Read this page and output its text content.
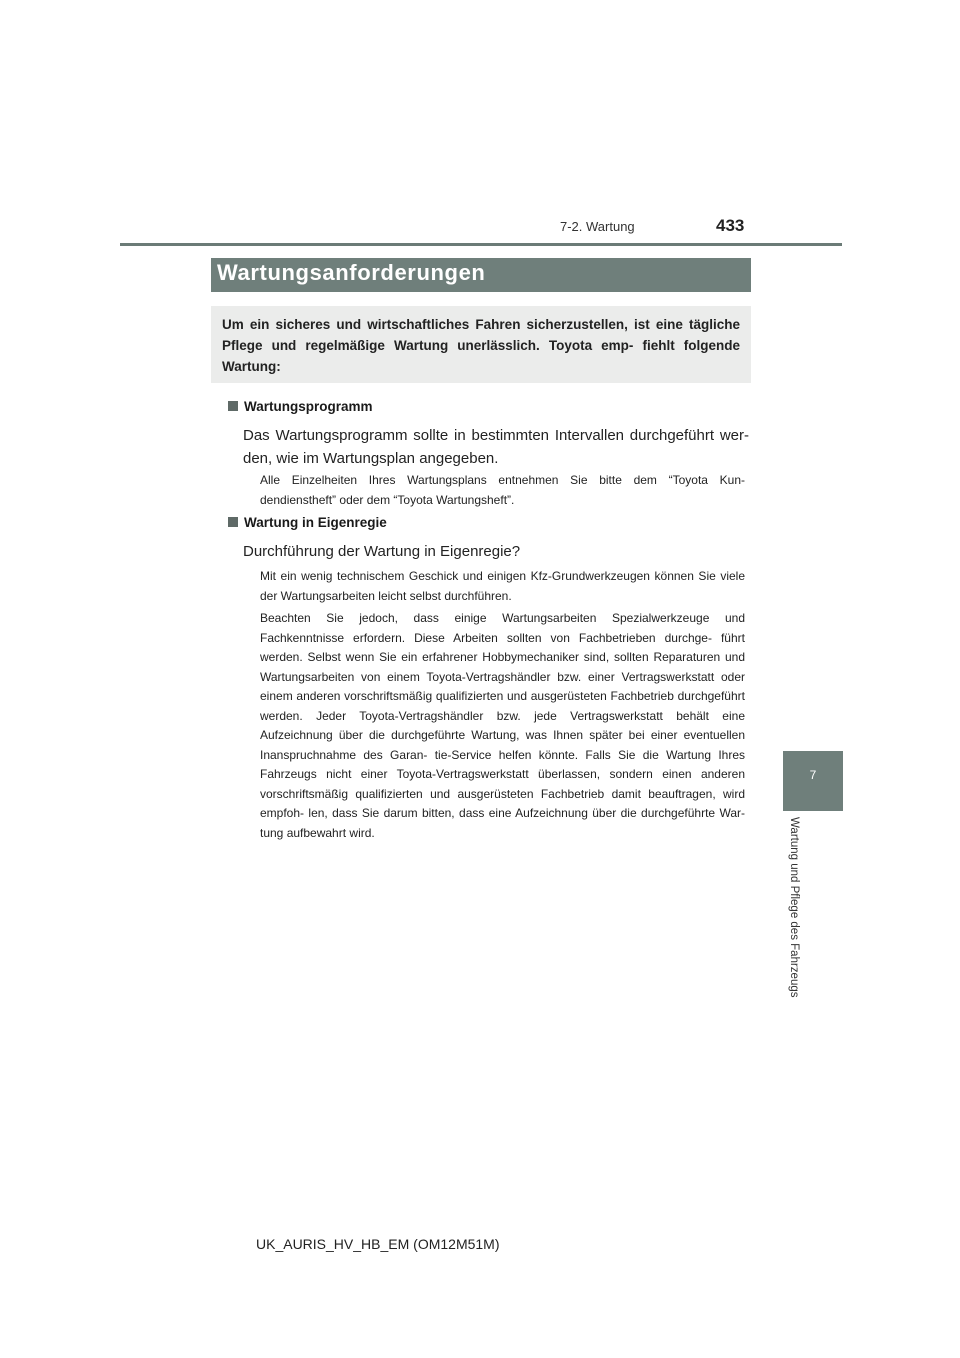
7-2. Wartung	433
Wartungsanforderungen
Um ein sicheres und wirtschaftliches Fahren sicherzustellen, ist eine tägliche Pflege und regelmäßige Wartung unerlässlich. Toyota emp- fiehlt folgende Wartung:
Wartungsprogramm
Das Wartungsprogramm sollte in bestimmten Intervallen durchgeführt wer- den, wie im Wartungsplan angegeben.
Alle Einzelheiten Ihres Wartungsplans entnehmen Sie bitte dem “Toyota Kun- dendienstheft” oder dem “Toyota Wartungsheft”.
Wartung in Eigenregie
Durchführung der Wartung in Eigenregie?
Mit ein wenig technischem Geschick und einigen Kfz-Grundwerkzeugen können Sie viele der Wartungsarbeiten leicht selbst durchführen.
Beachten Sie jedoch, dass einige Wartungsarbeiten Spezialwerkzeuge und Fachkenntnisse erfordern. Diese Arbeiten sollten von Fachbetrieben durchge- führt werden. Selbst wenn Sie ein erfahrener Hobbymechaniker sind, sollten Reparaturen und Wartungsarbeiten von einem Toyota-Vertragshändler bzw. einer Vertragswerkstatt oder einem anderen vorschriftsmäßig qualifizierten und ausgerüsteten Fachbetrieb durchgeführt werden. Jeder Toyota-Vertragshändler bzw. jede Vertragswerkstatt behält eine Aufzeichnung über die durchgeführte Wartung, was Ihnen später bei einer eventuellen Inanspruchnahme des Garan- tie-Service helfen könnte. Falls Sie die Wartung Ihres Fahrzeugs nicht einer Toyota-Vertragswerkstatt überlassen, sondern einen anderen vorschriftsmäßig qualifizierten und ausgerüsteten Fachbetrieb damit beauftragen, wird empfoh- len, dass Sie darum bitten, dass eine Aufzeichnung über die durchgeführte War- tung aufbewahrt wird.
7
Wartung und Pflege des Fahrzeugs
UK_AURIS_HV_HB_EM (OM12M51M)
